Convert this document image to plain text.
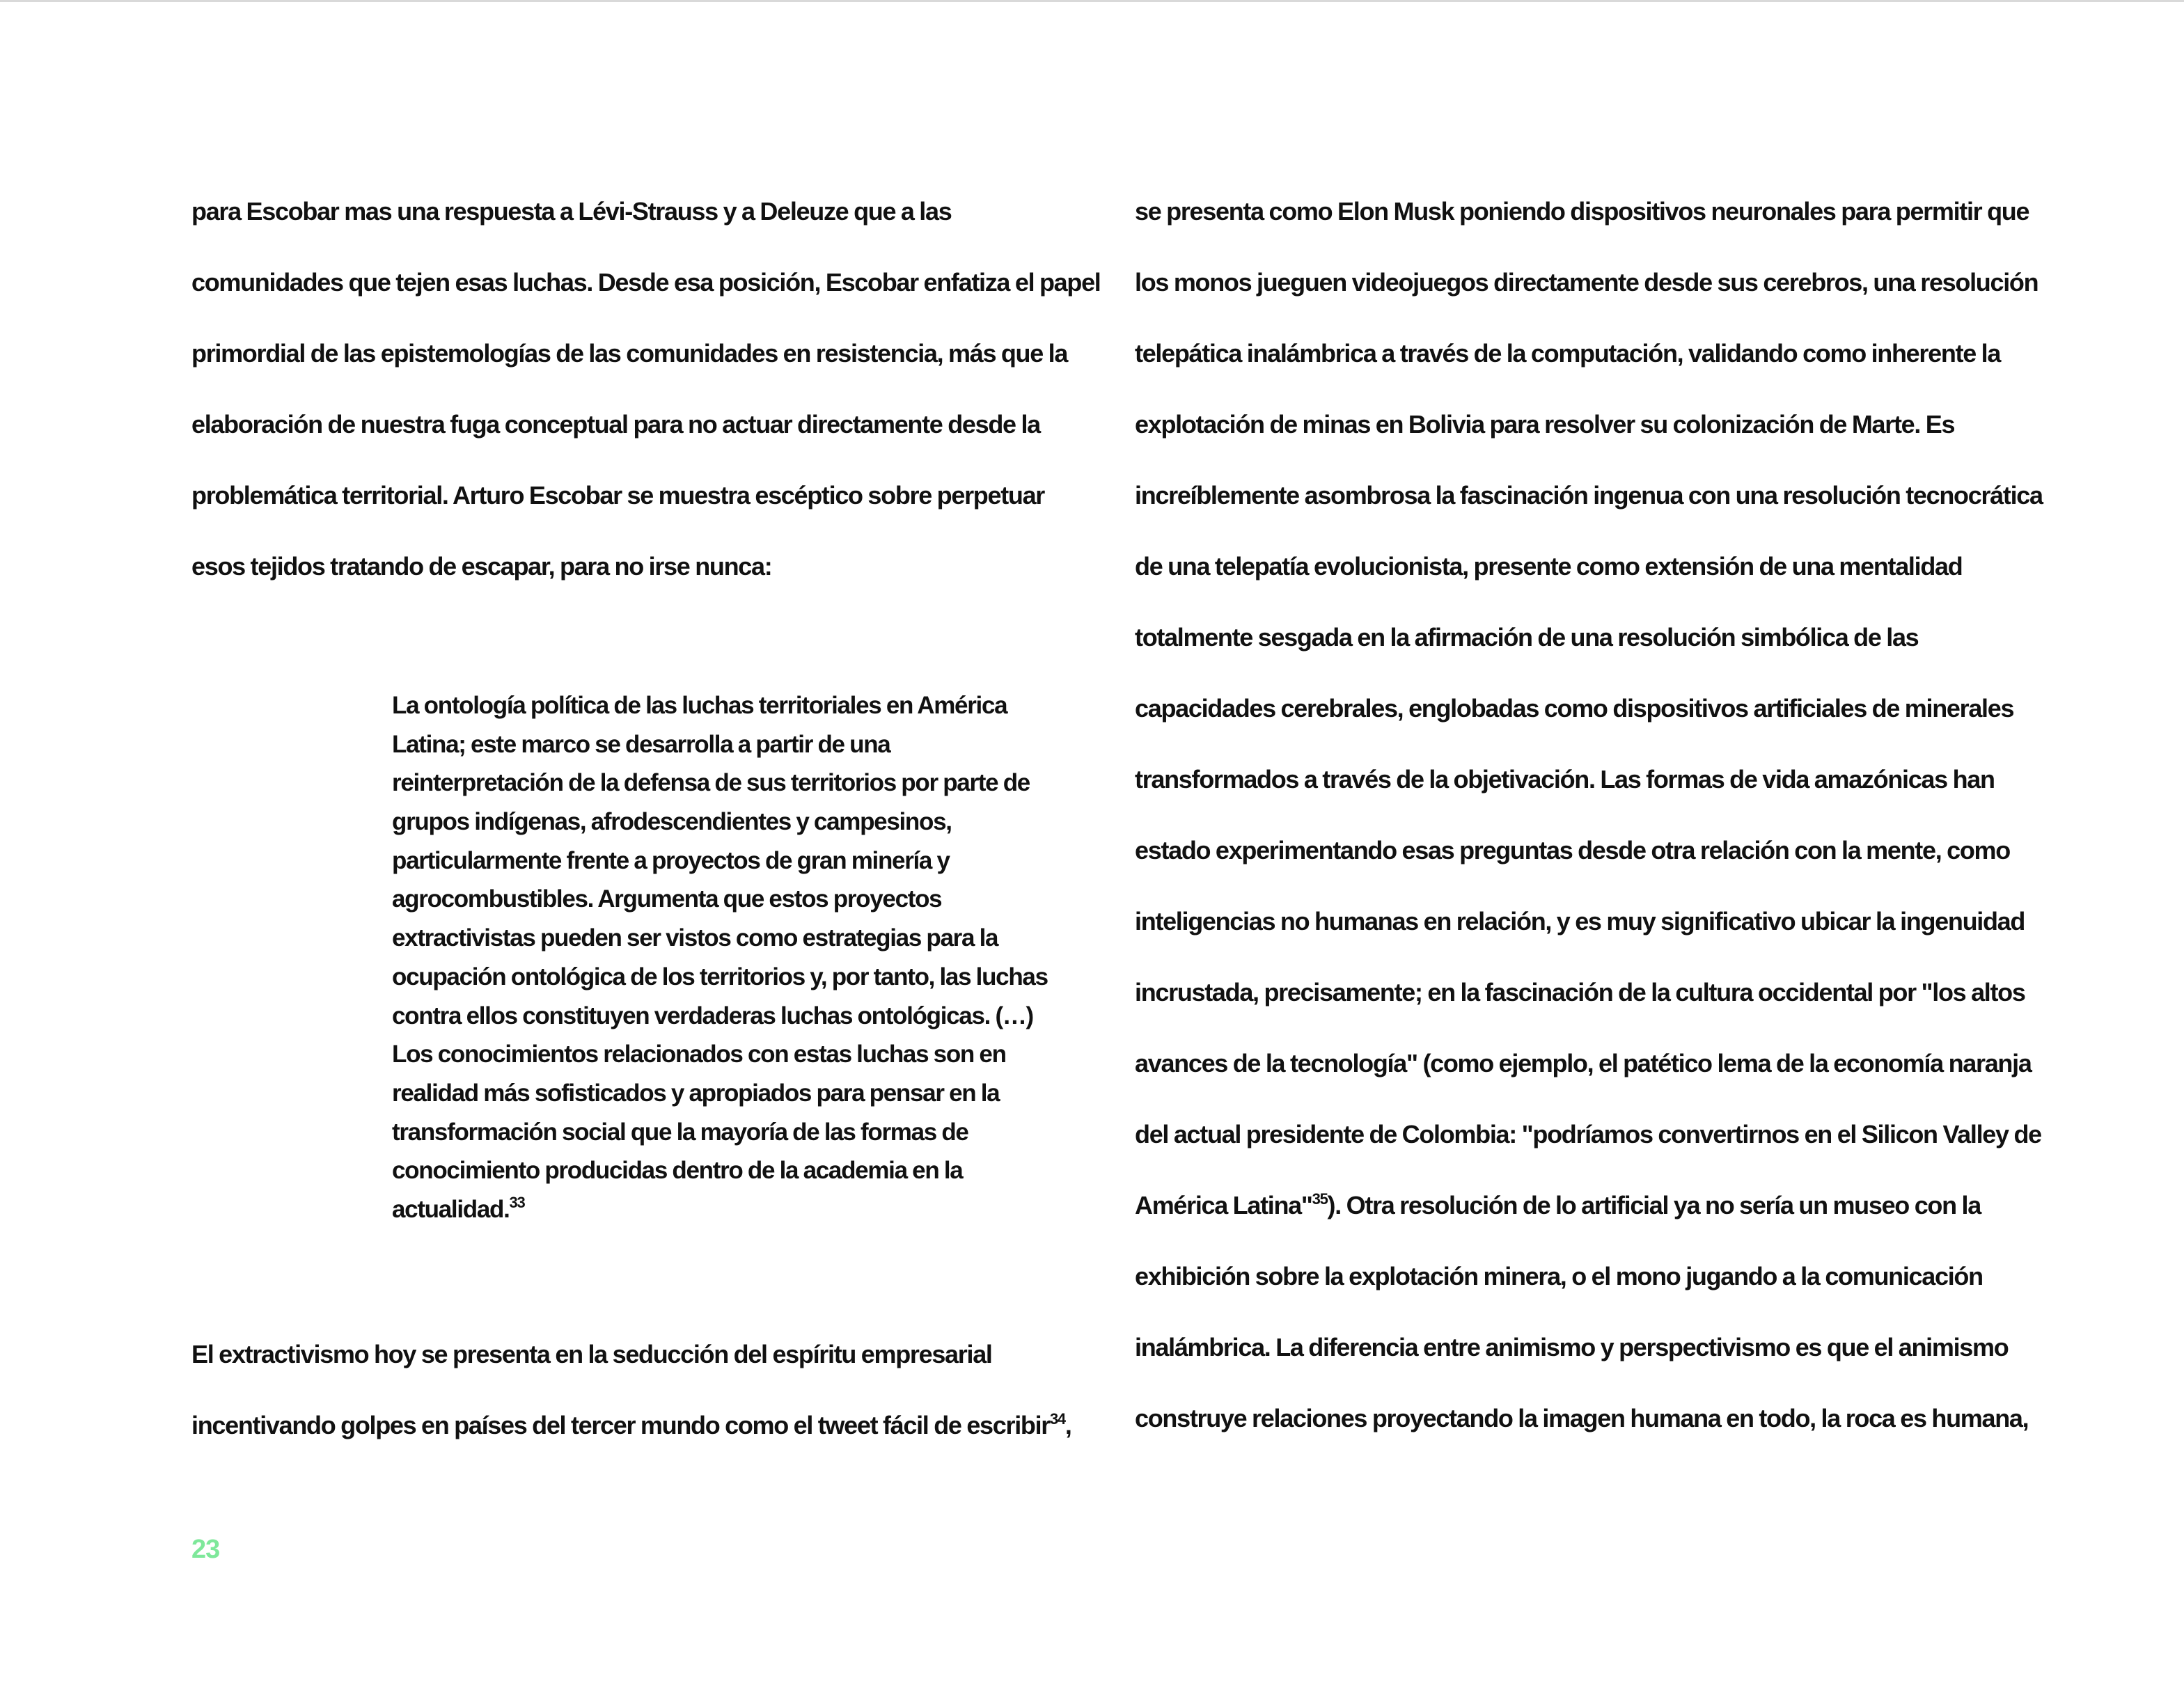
para Escobar mas una respuesta a Lévi-Strauss y a Deleuze que a las
comunidades que tejen esas luchas. Desde esa posición, Escobar enfatiza el papel
primordial de las epistemologías de las comunidades en resistencia, más que la
elaboración de nuestra fuga conceptual para no actuar directamente desde la
problemática territorial. Arturo Escobar se muestra escéptico sobre perpetuar
esos tejidos tratando de escapar, para no irse nunca:
La ontología política de las luchas territoriales en América
Latina; este marco se desarrolla a partir de una
reinterpretación de la defensa de sus territorios por parte de
grupos indígenas, afrodescendientes y campesinos,
particularmente frente a proyectos de gran minería y
agrocombustibles. Argumenta que estos proyectos
extractivistas pueden ser vistos como estrategias para la
ocupación ontológica de los territorios y, por tanto, las luchas
contra ellos constituyen verdaderas luchas ontológicas. (…)
Los conocimientos relacionados con estas luchas son en
realidad más sofisticados y apropiados para pensar en la
transformación social que la mayoría de las formas de
conocimiento producidas dentro de la academia en la
actualidad.$^{33}$
El extractivismo hoy se presenta en la seducción del espíritu empresarial
incentivando golpes en países del tercer mundo como el tweet fácil de escribir$^{34}$,
se presenta como Elon Musk poniendo dispositivos neuronales para permitir que
los monos jueguen videojuegos directamente desde sus cerebros, una resolución
telepática inalámbrica a través de la computación, validando como inherente la
explotación de minas en Bolivia para resolver su colonización de Marte. Es
increíblemente asombrosa la fascinación ingenua con una resolución tecnocrática
de una telepatía evolucionista, presente como extensión de una mentalidad
totalmente sesgada en la afirmación de una resolución simbólica de las
capacidades cerebrales, englobadas como dispositivos artificiales de minerales
transformados a través de la objetivación. Las formas de vida amazónicas han
estado experimentando esas preguntas desde otra relación con la mente, como
inteligencias no humanas en relación, y es muy significativo ubicar la ingenuidad
incrustada, precisamente; en la fascinación de la cultura occidental por "los altos
avances de la tecnología" (como ejemplo, el patético lema de la economía naranja
del actual presidente de Colombia: "podríamos convertirnos en el Silicon Valley de
América Latina"$^{35}$). Otra resolución de lo artificial ya no sería un museo con la
exhibición sobre la explotación minera, o el mono jugando a la comunicación
inalámbrica. La diferencia entre animismo y perspectivismo es que el animismo
construye relaciones proyectando la imagen humana en todo, la roca es humana,
23
